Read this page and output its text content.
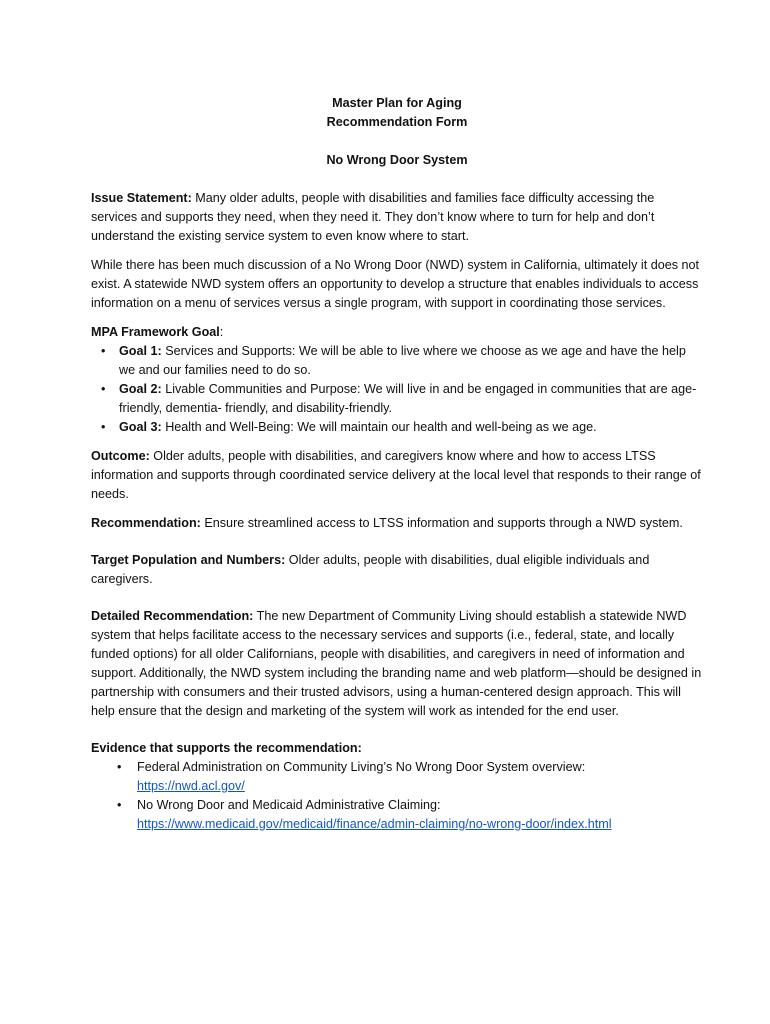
Master Plan for Aging
Recommendation Form
No Wrong Door System

Issue Statement: Many older adults, people with disabilities and families face difficulty accessing the services and supports they need, when they need it. They don’t know where to turn for help and don’t understand the existing service system to even know where to start.

While there has been much discussion of a No Wrong Door (NWD) system in California, ultimately it does not exist. A statewide NWD system offers an opportunity to develop a structure that enables individuals to access information on a menu of services versus a single program, with support in coordinating those services.

MPA Framework Goal:
• Goal 1: Services and Supports: We will be able to live where we choose as we age and have the help we and our families need to do so.
• Goal 2: Livable Communities and Purpose: We will live in and be engaged in communities that are age-friendly, dementia- friendly, and disability-friendly.
• Goal 3: Health and Well-Being: We will maintain our health and well-being as we age.

Outcome: Older adults, people with disabilities, and caregivers know where and how to access LTSS information and supports through coordinated service delivery at the local level that responds to their range of needs.

Recommendation: Ensure streamlined access to LTSS information and supports through a NWD system.

Target Population and Numbers: Older adults, people with disabilities, dual eligible individuals and caregivers.

Detailed Recommendation: The new Department of Community Living should establish a statewide NWD system that helps facilitate access to the necessary services and supports (i.e., federal, state, and locally funded options) for all older Californians, people with disabilities, and caregivers in need of information and support. Additionally, the NWD system including the branding name and web platform—should be designed in partnership with consumers and their trusted advisors, using a human-centered design approach. This will help ensure that the design and marketing of the system will work as intended for the end user.

Evidence that supports the recommendation:
• Federal Administration on Community Living’s No Wrong Door System overview:
https://nwd.acl.gov/
• No Wrong Door and Medicaid Administrative Claiming:
https://www.medicaid.gov/medicaid/finance/admin-claiming/no-wrong-door/index.html
